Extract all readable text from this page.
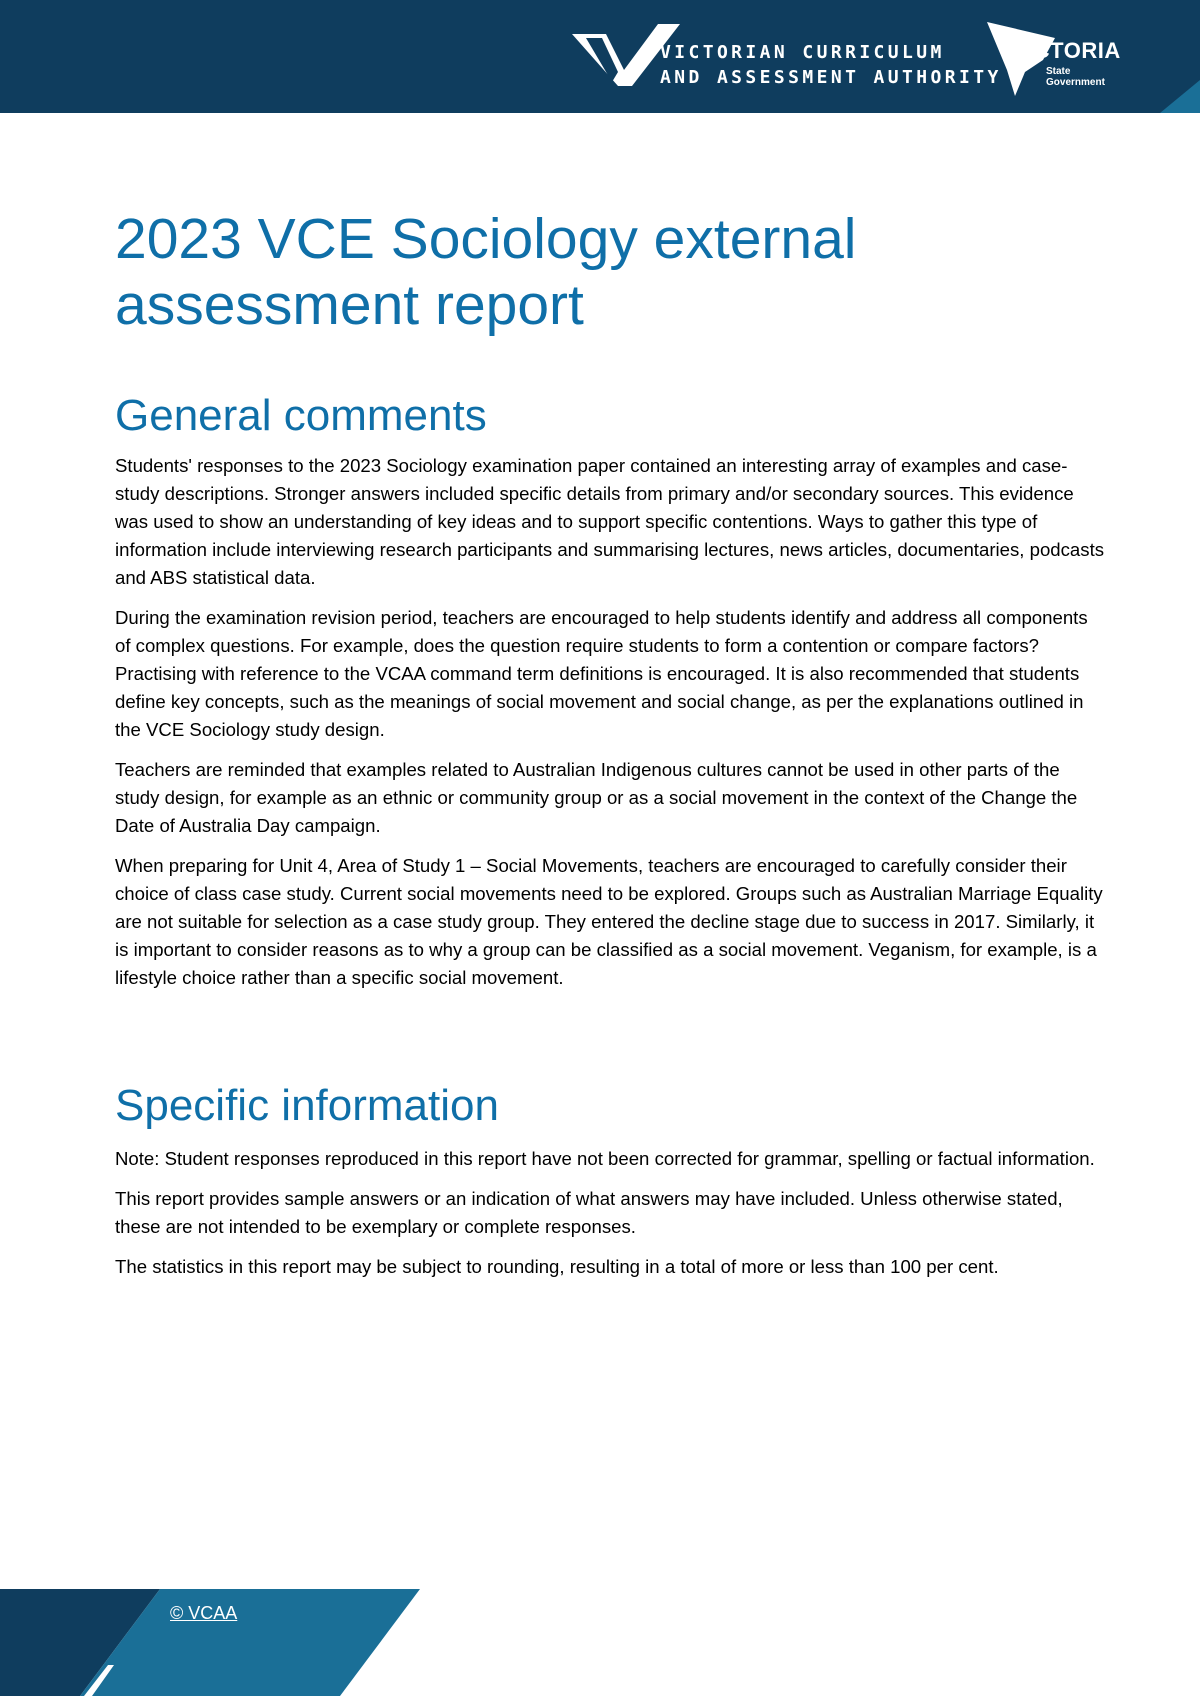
VICTORIAN CURRICULUM
AND ASSESSMENT AUTHORITY
VICTORIA
State
Government
2023 VCE Sociology external
assessment report
General comments

Students' responses to the 2023 Sociology examination paper contained an interesting array of examples and case-study descriptions. Stronger answers included specific details from primary and/or secondary sources. This evidence was used to show an understanding of key ideas and to support specific contentions. Ways to gather this type of information include interviewing research participants and summarising lectures, news articles, documentaries, podcasts and ABS statistical data.

During the examination revision period, teachers are encouraged to help students identify and address all components of complex questions. For example, does the question require students to form a contention or compare factors? Practising with reference to the VCAA command term definitions is encouraged. It is also recommended that students define key concepts, such as the meanings of social movement and social change, as per the explanations outlined in the VCE Sociology study design.

Teachers are reminded that examples related to Australian Indigenous cultures cannot be used in other parts of the study design, for example as an ethnic or community group or as a social movement in the context of the Change the Date of Australia Day campaign.

When preparing for Unit 4, Area of Study 1 – Social Movements, teachers are encouraged to carefully consider their choice of class case study. Current social movements need to be explored. Groups such as Australian Marriage Equality are not suitable for selection as a case study group. They entered the decline stage due to success in 2017. Similarly, it is important to consider reasons as to why a group can be classified as a social movement. Veganism, for example, is a lifestyle choice rather than a specific social movement.

Specific information

Note: Student responses reproduced in this report have not been corrected for grammar, spelling or factual information.

This report provides sample answers or an indication of what answers may have included. Unless otherwise stated, these are not intended to be exemplary or complete responses.

The statistics in this report may be subject to rounding, resulting in a total of more or less than 100 per cent.

© VCAA
